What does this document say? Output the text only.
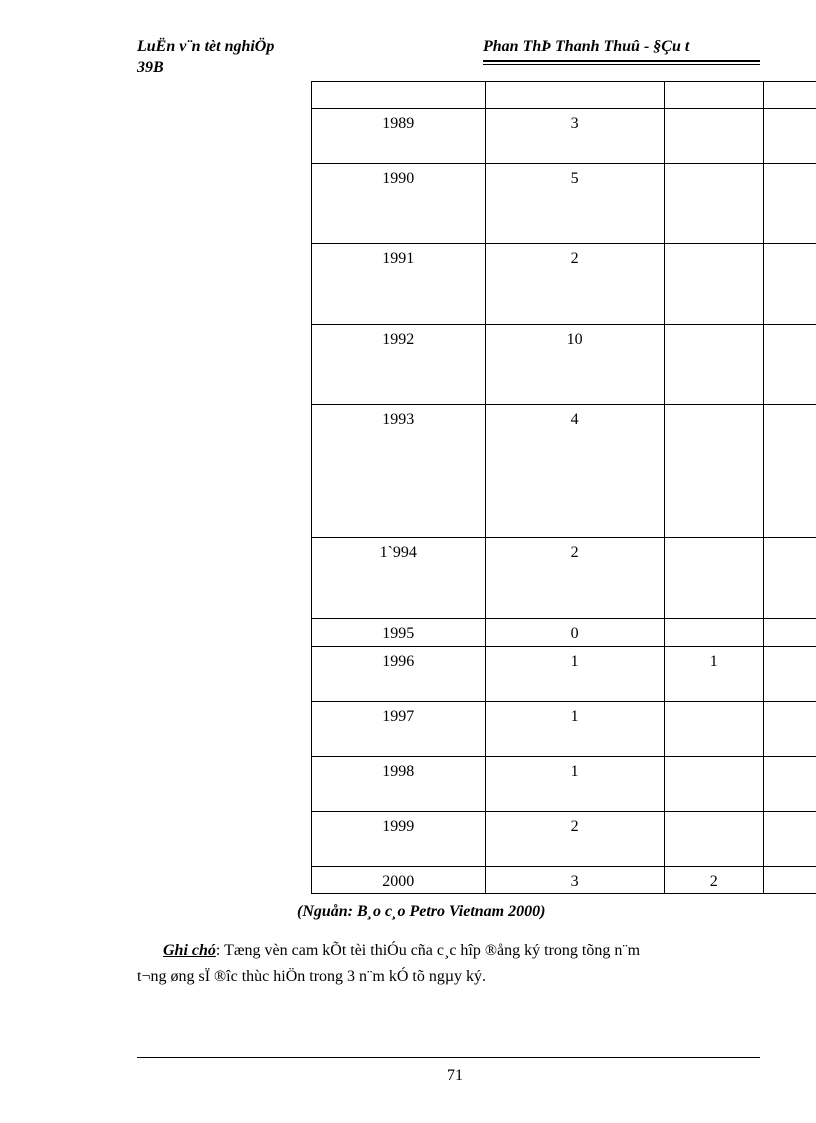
LuËn v¨n tèt nghiÖp	Phan ThÞ Thanh Thuû - §Çu t
39B

1989	3		
1990	5		
1991	2		
1992	10		
1993	4		
1`994	2		
1995	0		
1996	1	1	
1997	1		
1998	1		
1999	2		
2000	3	2	
(Nguån: B¸o c¸o Petro Vietnam 2000)
Ghi chó: Tæng vèn cam kÕt tèi thiÓu cña c¸c hîp ®ång ký trong tõng n¨m
t¬ng øng sÏ ®îc thùc hiÖn trong 3 n¨m kÓ tõ ngµy ký.
71
